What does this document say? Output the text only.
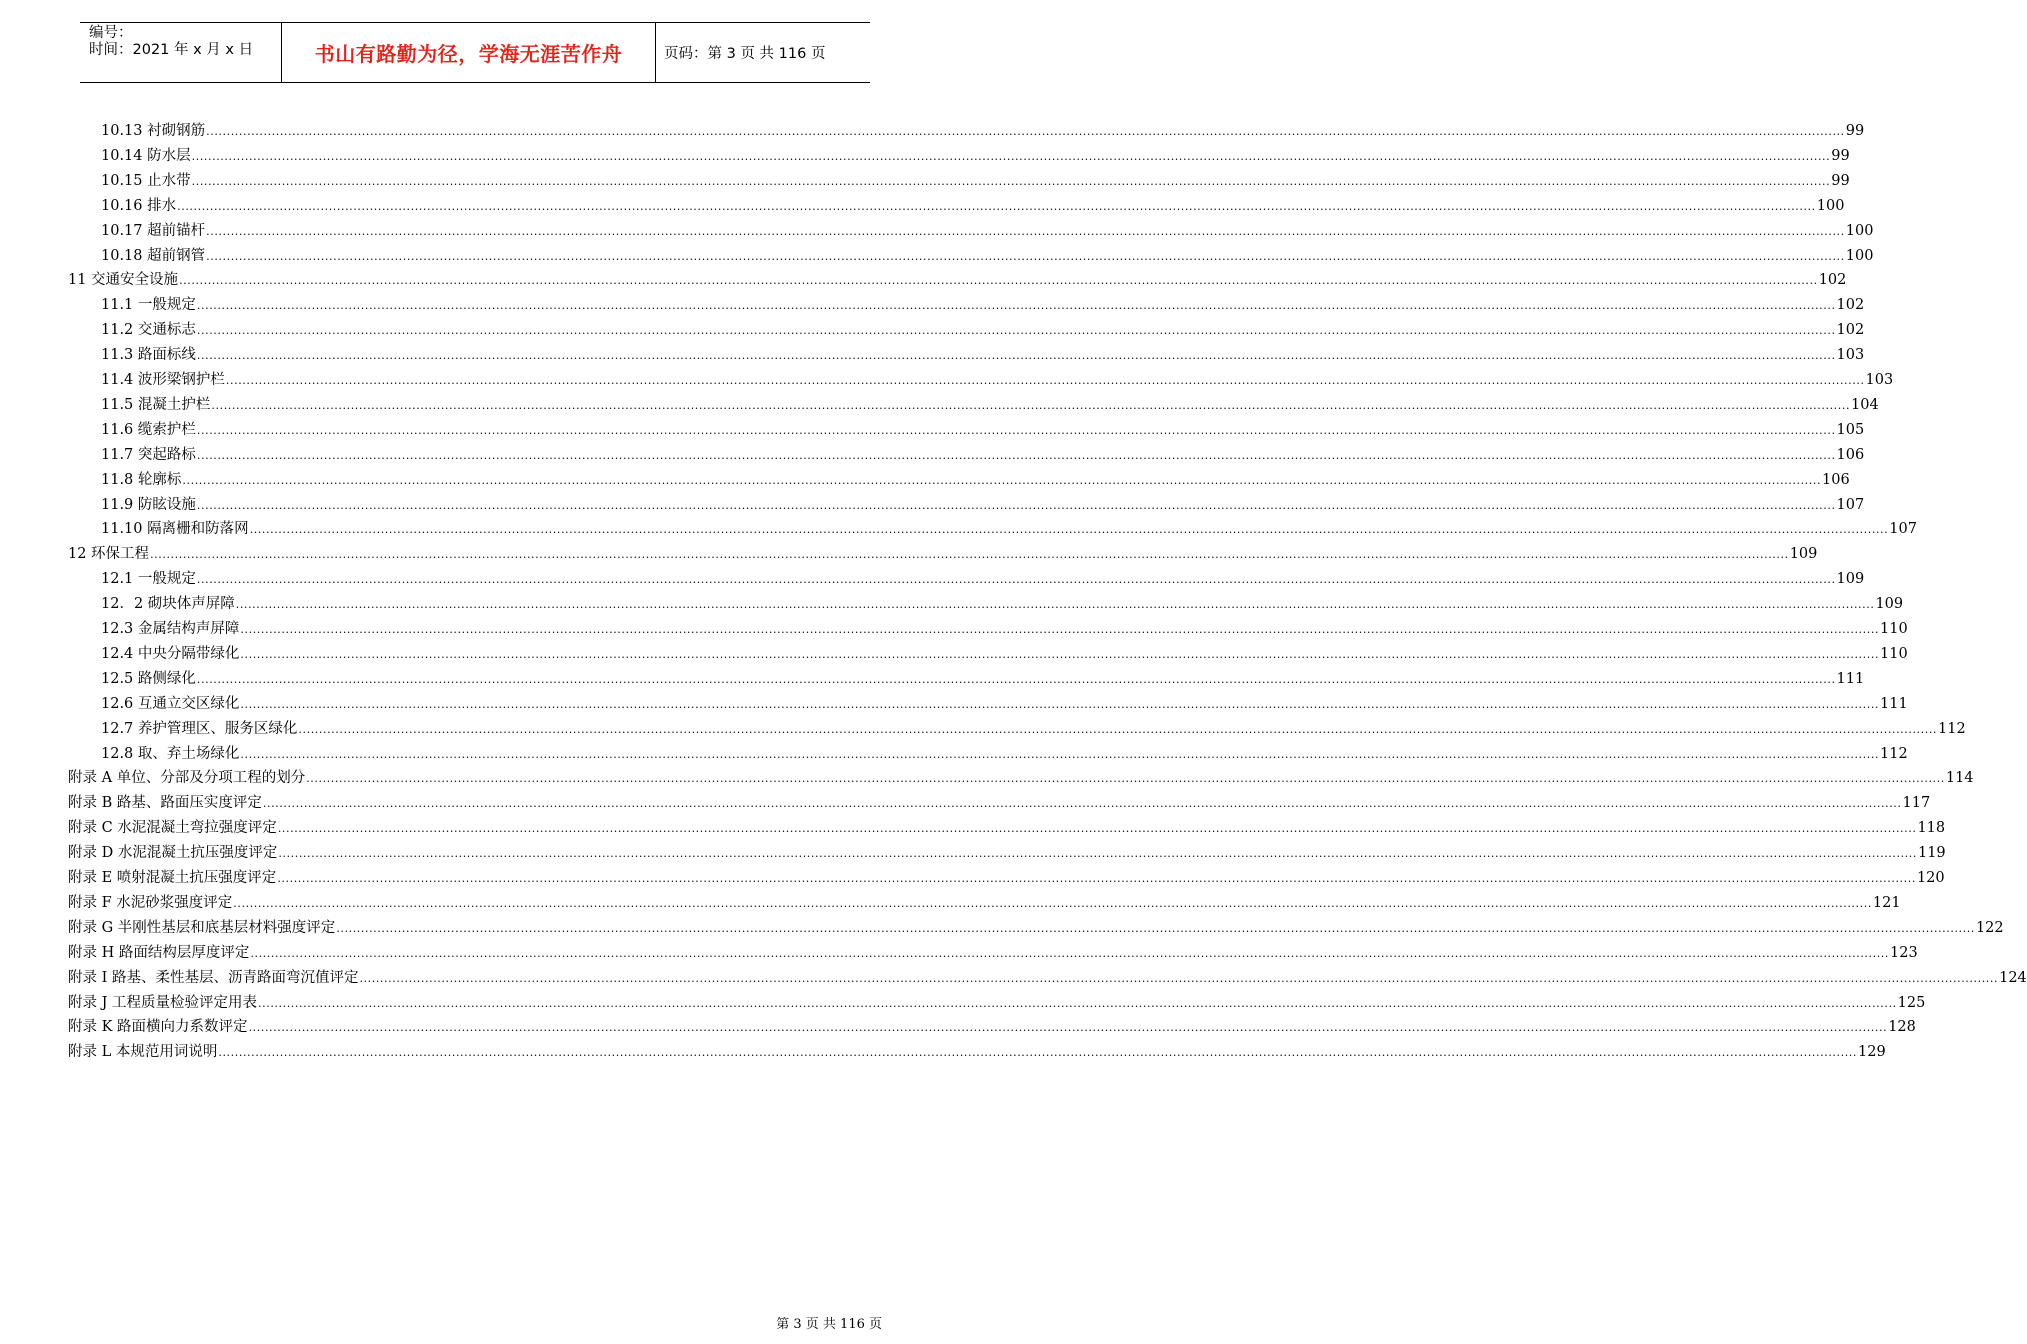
编号：
时间：2021 年 x 月 x 日	书山有路勤为径，学海无涯苦作舟	页码：第 3 页 共 116 页
10.13 衬砌钢筋 ................................................................................................................................................................................................................................................................................................................................................................................................................ 99
10.14 防水层 ................................................................................................................................................................................................................................................................................................................................................................................................................ 99
10.15 止水带 ................................................................................................................................................................................................................................................................................................................................................................................................................ 99
10.16 排水 ................................................................................................................................................................................................................................................................................................................................................................................................................ 100
10.17 超前锚杆 ................................................................................................................................................................................................................................................................................................................................................................................................................ 100
10.18 超前钢管 ................................................................................................................................................................................................................................................................................................................................................................................................................ 100
11 交通安全设施 ................................................................................................................................................................................................................................................................................................................................................................................................................ 102
11.1 一般规定 ................................................................................................................................................................................................................................................................................................................................................................................................................ 102
11.2 交通标志 ................................................................................................................................................................................................................................................................................................................................................................................................................ 102
11.3 路面标线 ................................................................................................................................................................................................................................................................................................................................................................................................................ 103
11.4 波形梁钢护栏 ................................................................................................................................................................................................................................................................................................................................................................................................................ 103
11.5 混凝土护栏 ................................................................................................................................................................................................................................................................................................................................................................................................................ 104
11.6 缆索护栏 ................................................................................................................................................................................................................................................................................................................................................................................................................ 105
11.7 突起路标 ................................................................................................................................................................................................................................................................................................................................................................................................................ 106
11.8 轮廓标 ................................................................................................................................................................................................................................................................................................................................................................................................................ 106
11.9 防眩设施 ................................................................................................................................................................................................................................................................................................................................................................................................................ 107
11.10 隔离栅和防落网 ................................................................................................................................................................................................................................................................................................................................................................................................................ 107
12 环保工程 ................................................................................................................................................................................................................................................................................................................................................................................................................ 109
12.1 一般规定 ................................................................................................................................................................................................................................................................................................................................................................................................................ 109
12．2 砌块体声屏障 ................................................................................................................................................................................................................................................................................................................................................................................................................ 109
12.3 金属结构声屏障 ................................................................................................................................................................................................................................................................................................................................................................................................................ 110
12.4 中央分隔带绿化 ................................................................................................................................................................................................................................................................................................................................................................................................................ 110
12.5 路侧绿化 ................................................................................................................................................................................................................................................................................................................................................................................................................ 111
12.6 互通立交区绿化 ................................................................................................................................................................................................................................................................................................................................................................................................................ 111
12.7 养护管理区、服务区绿化 ................................................................................................................................................................................................................................................................................................................................................................................................................ 112
12.8 取、弃土场绿化 ................................................................................................................................................................................................................................................................................................................................................................................................................ 112
附录 A 单位、分部及分项工程的划分 ................................................................................................................................................................................................................................................................................................................................................................................................................ 114
附录 B 路基、路面压实度评定 ................................................................................................................................................................................................................................................................................................................................................................................................................ 117
附录 C 水泥混凝土弯拉强度评定 ................................................................................................................................................................................................................................................................................................................................................................................................................ 118
附录 D 水泥混凝土抗压强度评定 ................................................................................................................................................................................................................................................................................................................................................................................................................ 119
附录 E 喷射混凝土抗压强度评定 ................................................................................................................................................................................................................................................................................................................................................................................................................ 120
附录 F 水泥砂浆强度评定 ................................................................................................................................................................................................................................................................................................................................................................................................................ 121
附录 G 半刚性基层和底基层材料强度评定 ................................................................................................................................................................................................................................................................................................................................................................................................................ 122
附录 H 路面结构层厚度评定 ................................................................................................................................................................................................................................................................................................................................................................................................................ 123
附录 I 路基、柔性基层、沥青路面弯沉值评定 ................................................................................................................................................................................................................................................................................................................................................................................................................ 124
附录 J 工程质量检验评定用表 ................................................................................................................................................................................................................................................................................................................................................................................................................ 125
附录 K 路面横向力系数评定 ................................................................................................................................................................................................................................................................................................................................................................................................................ 128
附录 L 本规范用词说明 ................................................................................................................................................................................................................................................................................................................................................................................................................ 129
第 3 页 共 116 页
